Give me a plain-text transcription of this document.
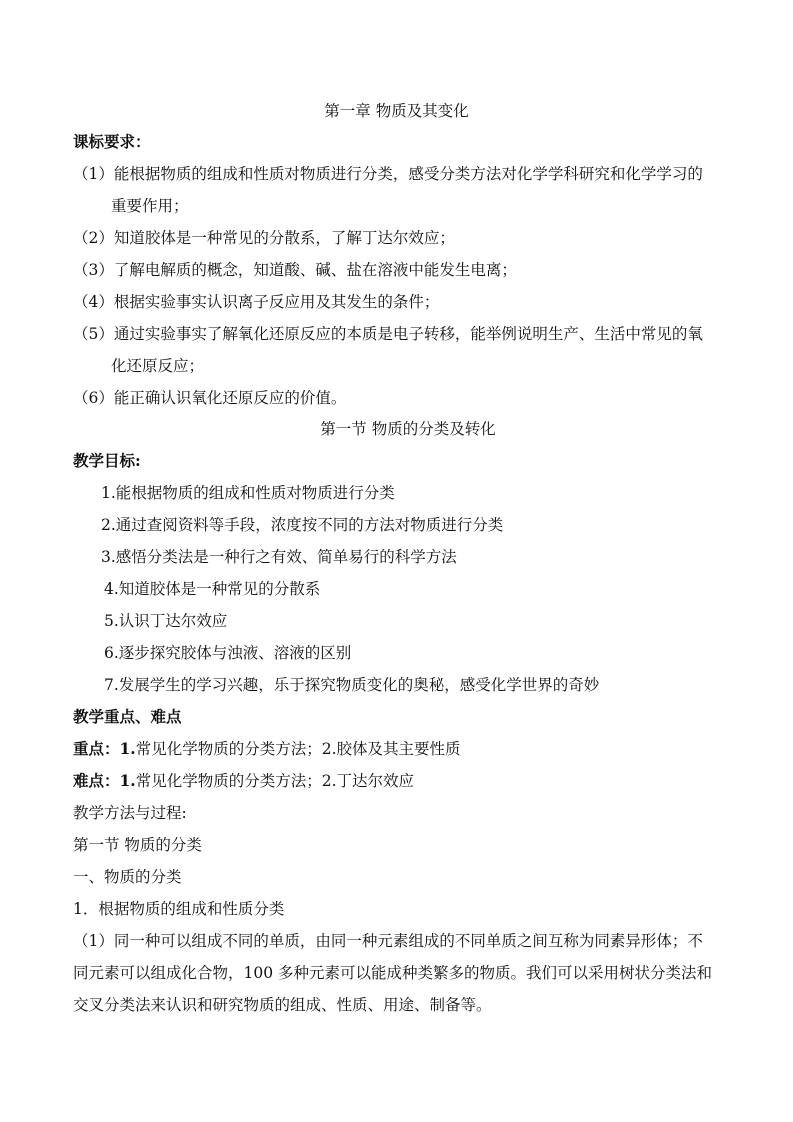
第一章 物质及其变化
课标要求：
（1）能根据物质的组成和性质对物质进行分类，感受分类方法对化学学科研究和化学学习的
重要作用；
（2）知道胶体是一种常见的分散系，了解丁达尔效应；
（3）了解电解质的概念，知道酸、碱、盐在溶液中能发生电离；
（4）根据实验事实认识离子反应用及其发生的条件；
（5）通过实验事实了解氧化还原反应的本质是电子转移，能举例说明生产、生活中常见的氧
化还原反应；
（6）能正确认识氧化还原反应的价值。
第一节 物质的分类及转化
教学目标:
1.能根据物质的组成和性质对物质进行分类
2.通过查阅资料等手段，浓度按不同的方法对物质进行分类
3.感悟分类法是一种行之有效、简单易行的科学方法
4.知道胶体是一种常见的分散系
5.认识丁达尔效应
6.逐步探究胶体与浊液、溶液的区别
7.发展学生的学习兴趣，乐于探究物质变化的奥秘，感受化学世界的奇妙
教学重点、难点
重点：1.常见化学物质的分类方法；2.胶体及其主要性质
难点：1.常见化学物质的分类方法；2.丁达尔效应
教学方法与过程:
第一节 物质的分类
一、物质的分类
1．根据物质的组成和性质分类
（1）同一种可以组成不同的单质，由同一种元素组成的不同单质之间互称为同素异形体；不
同元素可以组成化合物，100 多种元素可以能成种类繁多的物质。我们可以采用树状分类法和
交叉分类法来认识和研究物质的组成、性质、用途、制备等。
